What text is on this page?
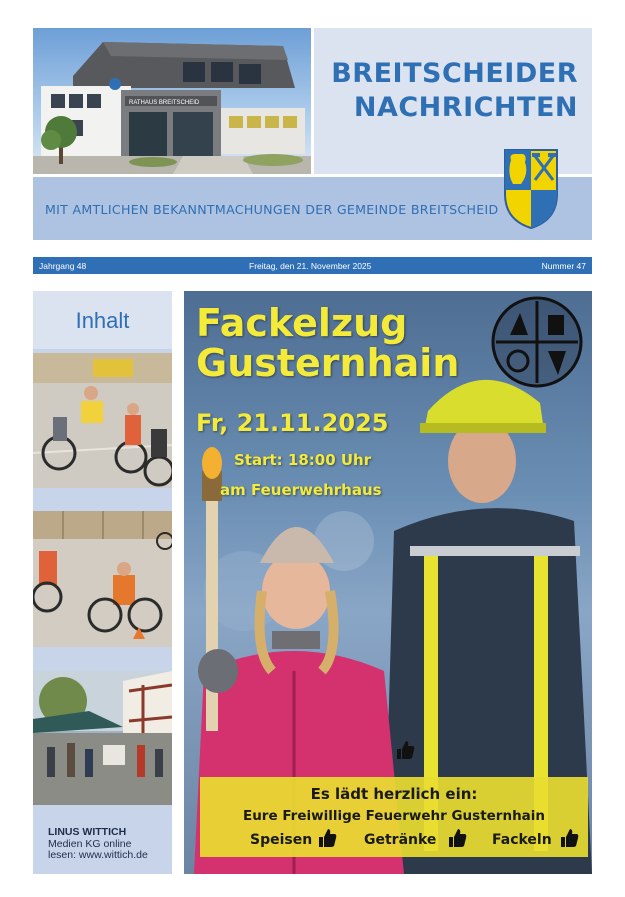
RATHAUS BREITSCHEID
BREITSCHEIDER
NACHRICHTEN
MIT AMTLICHEN BEKANNTMACHUNGEN DER GEMEINDE BREITSCHEID
Jahrgang 48	Freitag, den 21. November 2025	Nummer 47
Inhalt
LINUS WITTICH
Medien KG online
lesen: www.wittich.de
Fackelzug
Gusternhain
Fr, 21.11.2025
Start: 18:00 Uhr
am Feuerwehrhaus
Es lädt herzlich ein:
Eure Freiwillige Feuerwehr Gusternhain
Speisen	Getränke	Fackeln
